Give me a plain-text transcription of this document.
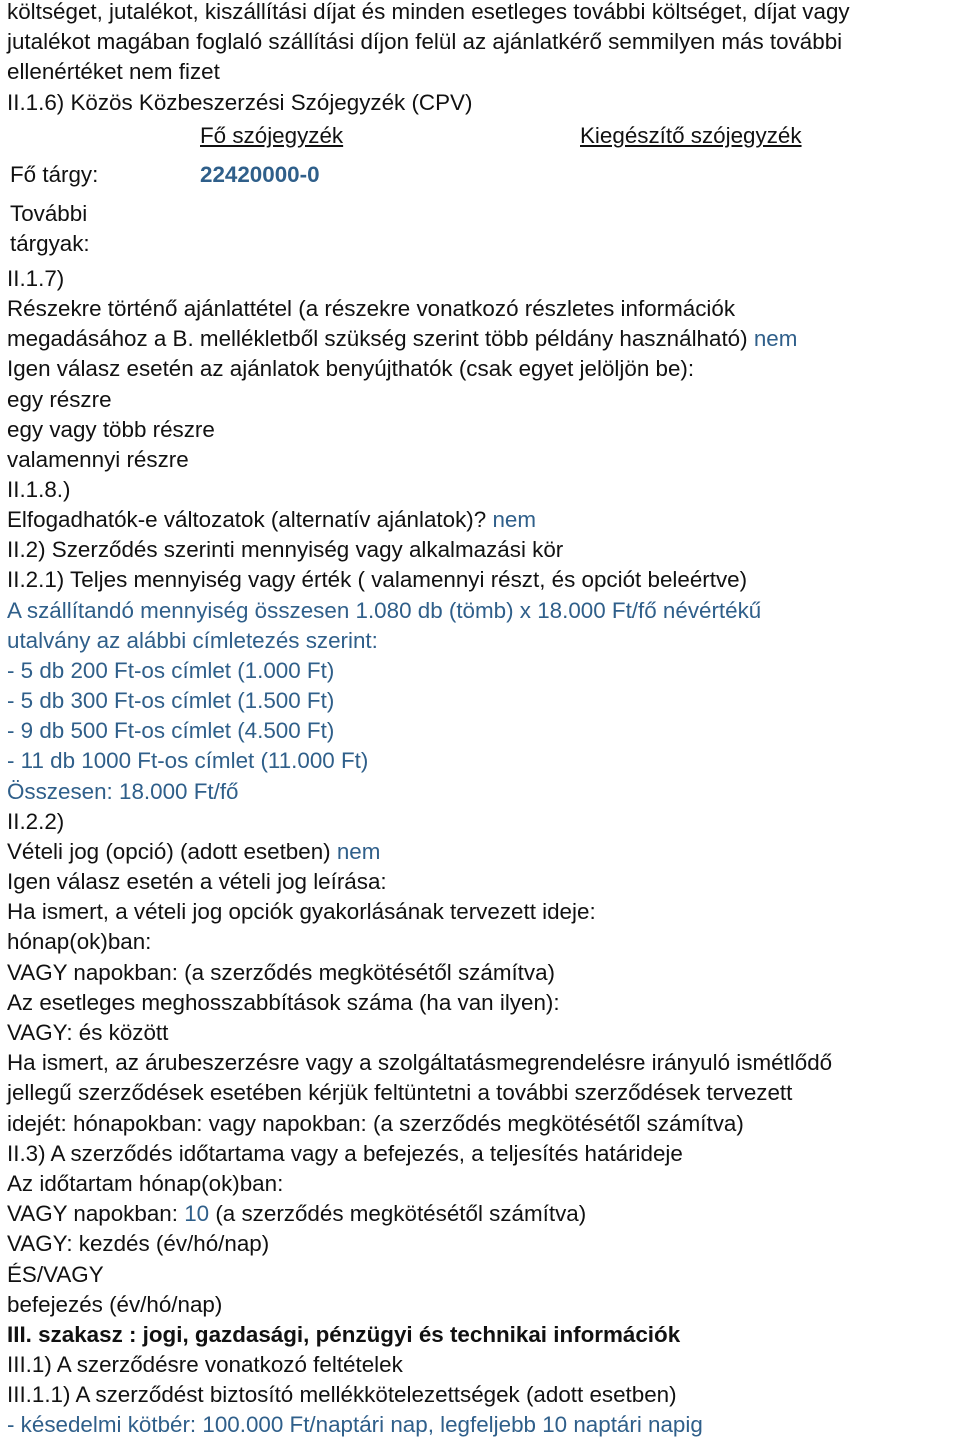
költséget, jutalékot, kiszállítási díjat és minden esetleges további költséget, díjat vagy
jutalékot magában foglaló szállítási díjon felül az ajánlatkérő semmilyen más további
ellenértéket nem fizet
II.1.6) Közös Közbeszerzési Szójegyzék (CPV)
Fő szójegyzék	Kiegészítő szójegyzék
Fő tárgy:	22420000-0
További
tárgyak:
II.1.7)
Részekre történő ajánlattétel (a részekre vonatkozó részletes információk
megadásához a B. mellékletből szükség szerint több példány használható) nem
Igen válasz esetén az ajánlatok benyújthatók (csak egyet jelöljön be):
egy részre
egy vagy több részre
valamennyi részre
II.1.8.)
Elfogadhatók-e változatok (alternatív ajánlatok)? nem
II.2) Szerződés szerinti mennyiség vagy alkalmazási kör
II.2.1) Teljes mennyiség vagy érték ( valamennyi részt, és opciót beleértve)
A szállítandó mennyiség összesen 1.080 db (tömb) x 18.000 Ft/fő névértékű
utalvány az alábbi címletezés szerint:
- 5 db 200 Ft-os címlet (1.000 Ft)
- 5 db 300 Ft-os címlet (1.500 Ft)
- 9 db 500 Ft-os címlet (4.500 Ft)
- 11 db 1000 Ft-os címlet (11.000 Ft)
Összesen: 18.000 Ft/fő
II.2.2)
Vételi jog (opció) (adott esetben) nem
Igen válasz esetén a vételi jog leírása:
Ha ismert, a vételi jog opciók gyakorlásának tervezett ideje:
hónap(ok)ban:
VAGY napokban: (a szerződés megkötésétől számítva)
Az esetleges meghosszabbítások száma (ha van ilyen):
VAGY: és között
Ha ismert, az árubeszerzésre vagy a szolgáltatásmegrendelésre irányuló ismétlődő
jellegű szerződések esetében kérjük feltüntetni a további szerződések tervezett
idejét: hónapokban: vagy napokban: (a szerződés megkötésétől számítva)
II.3) A szerződés időtartama vagy a befejezés, a teljesítés határideje
Az időtartam hónap(ok)ban:
VAGY napokban: 10 (a szerződés megkötésétől számítva)
VAGY: kezdés (év/hó/nap)
ÉS/VAGY
befejezés (év/hó/nap)
III. szakasz : jogi, gazdasági, pénzügyi és technikai információk
III.1) A szerződésre vonatkozó feltételek
III.1.1) A szerződést biztosító mellékkötelezettségek (adott esetben)
- késedelmi kötbér: 100.000 Ft/naptári nap, legfeljebb 10 naptári napig
